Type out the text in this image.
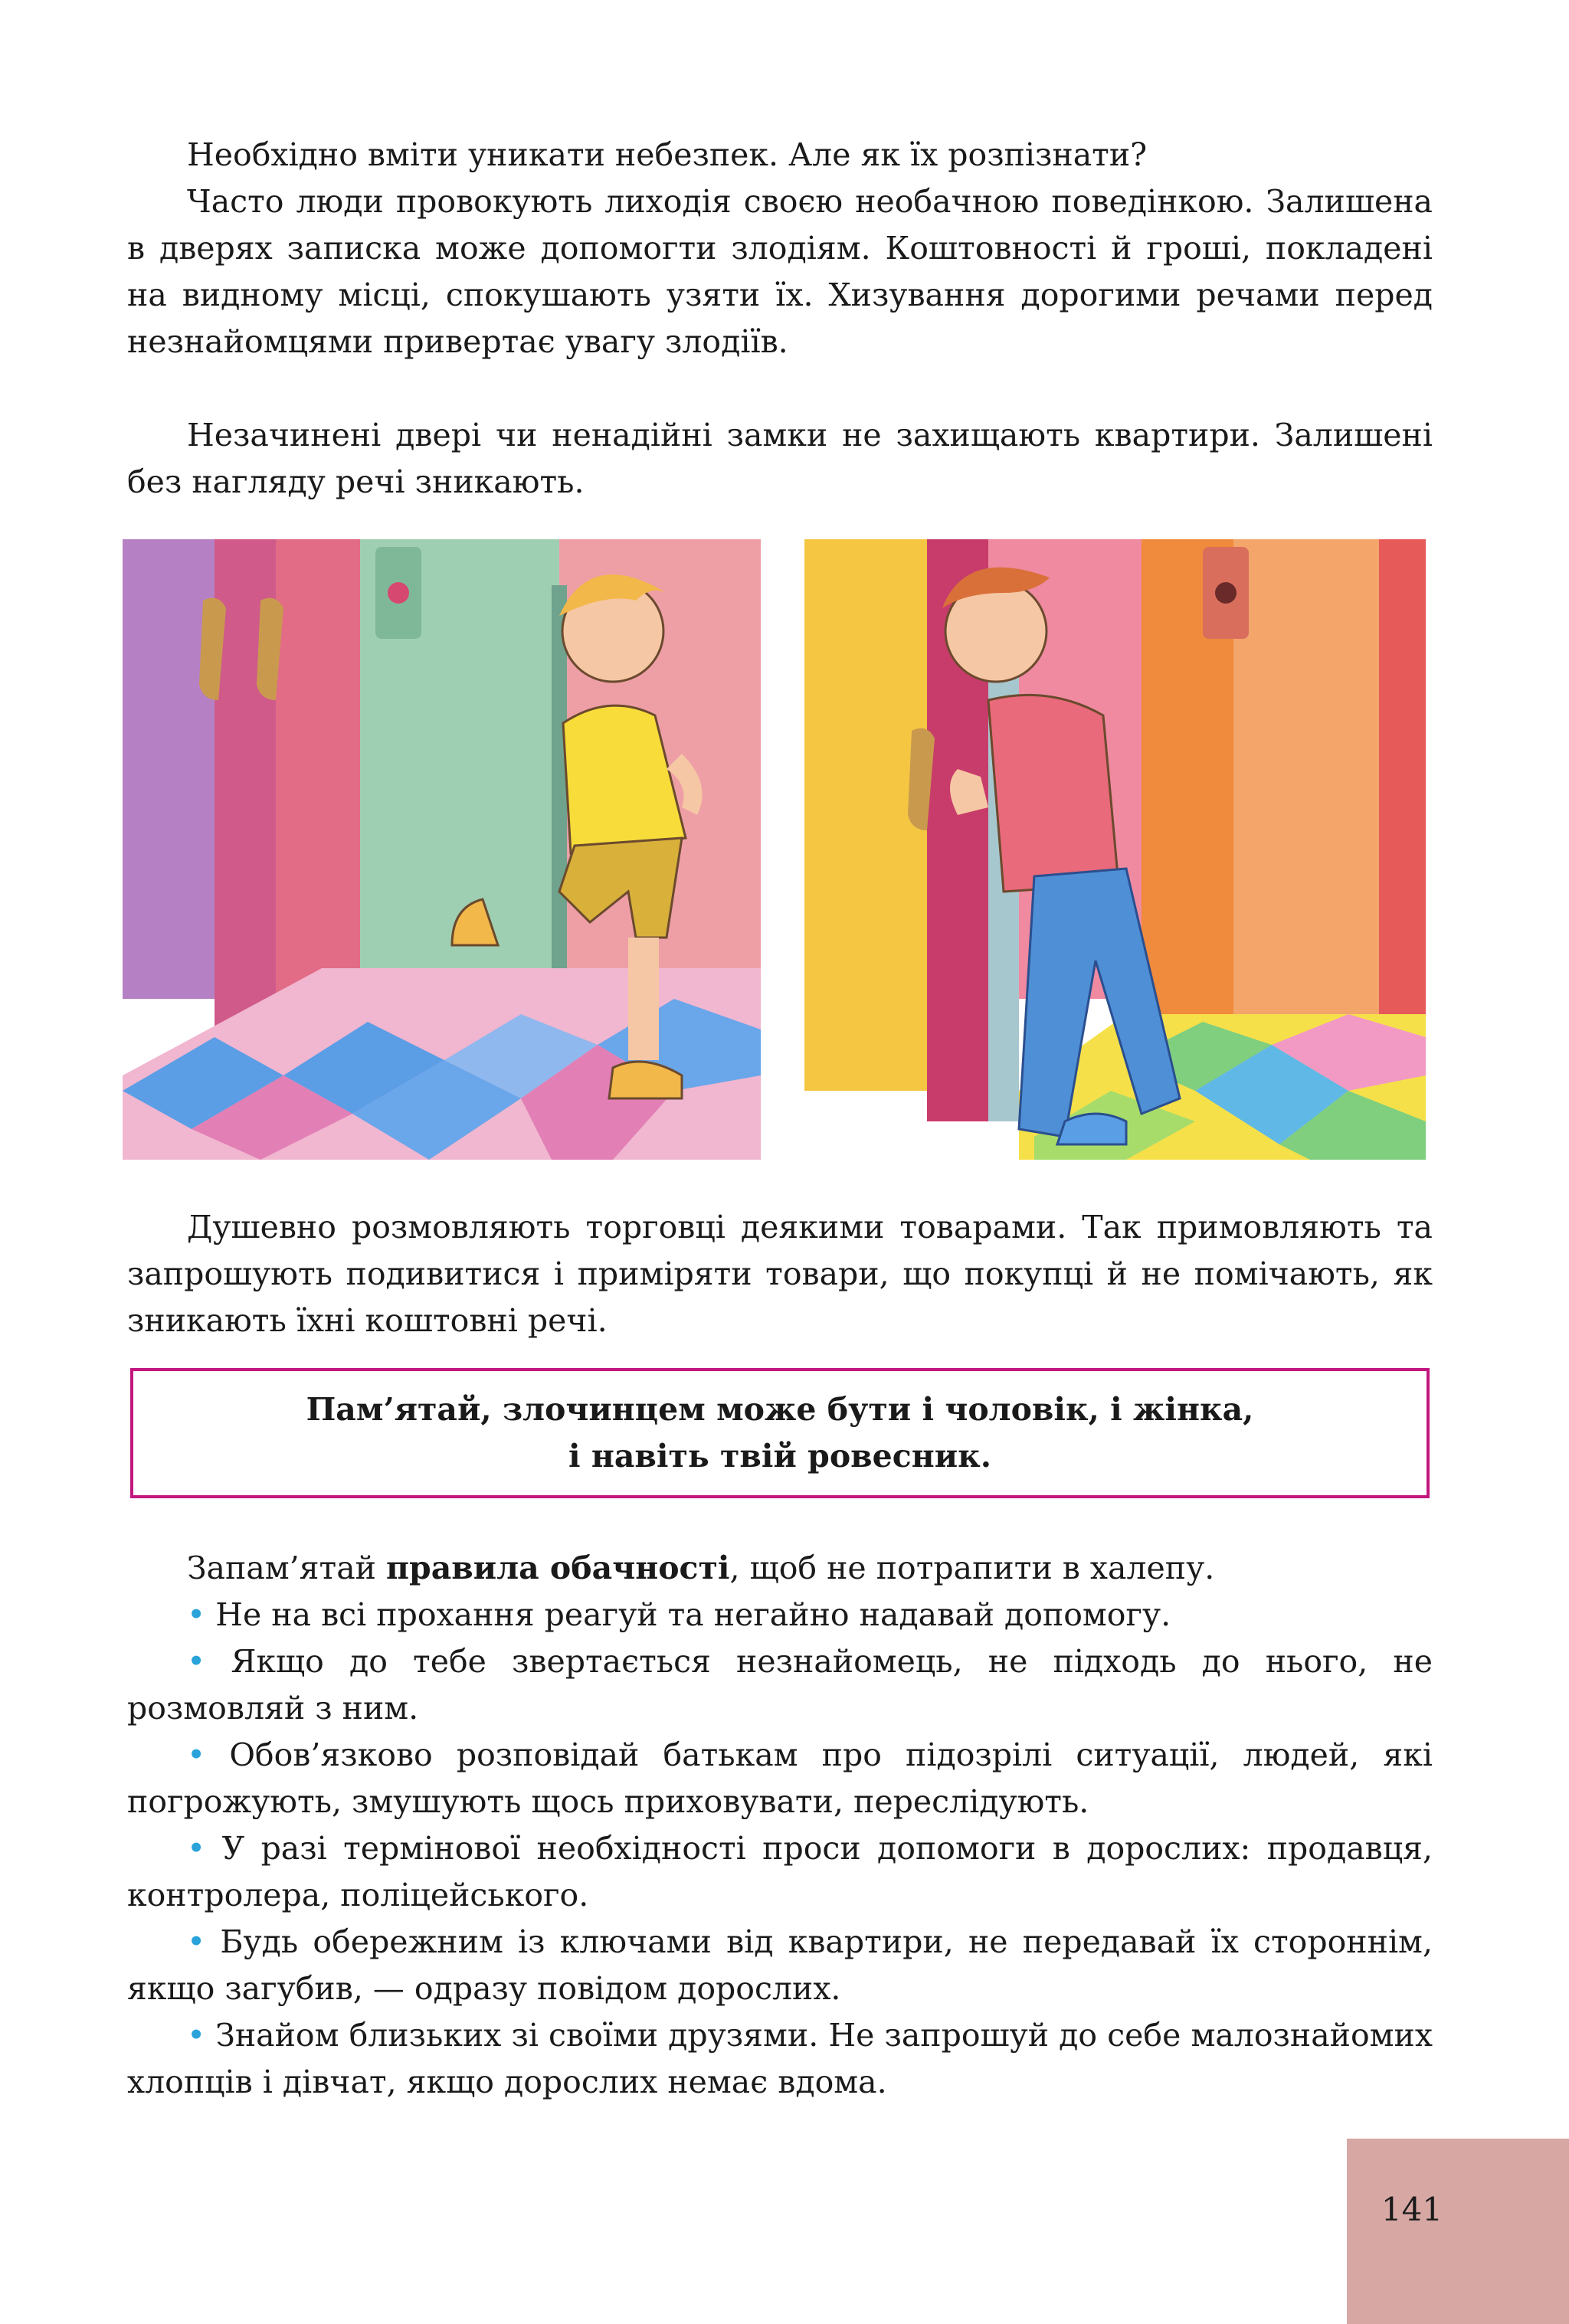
Необхідно вміти уникати небезпек. Але як їх розпізнати?

Часто люди провокують лиходія своєю необачною поведінкою. Залишена в дверях записка може допомогти злодіям. Коштовності й гроші, покладені на видному місці, спокушають узяти їх. Хизування дорогими речами перед незнайомцями привертає увагу злодіїв.

Незачинені двері чи ненадійні замки не захищають квартири. Залишені без нагляду речі зникають.

Душевно розмовляють торговці деякими товарами. Так примовляють та запрошують подивитися і приміряти товари, що покупці й не помічають, як зникають їхні коштовні речі.

Пам’ятай, злочинцем може бути і чоловік, і жінка,
і навіть твій ровесник.

Запам’ятай правила обачності, щоб не потрапити в халепу.

• Не на всі прохання реагуй та негайно надавай допомогу.

• Якщо до тебе звертається незнайомець, не підходь до нього, не розмовляй з ним.

• Обов’язково розповідай батькам про підозрілі ситуації, людей, які погрожують, змушують щось приховувати, переслідують.

• У разі термінової необхідності проси допомоги в дорослих: продавця, контролера, поліцейського.

• Будь обережним із ключами від квартири, не передавай їх стороннім, якщо загубив, — одразу повідом дорослих.

• Знайом близьких зі своїми друзями. Не запрошуй до себе малознайомих хлопців і дівчат, якщо дорослих немає вдома.

141
